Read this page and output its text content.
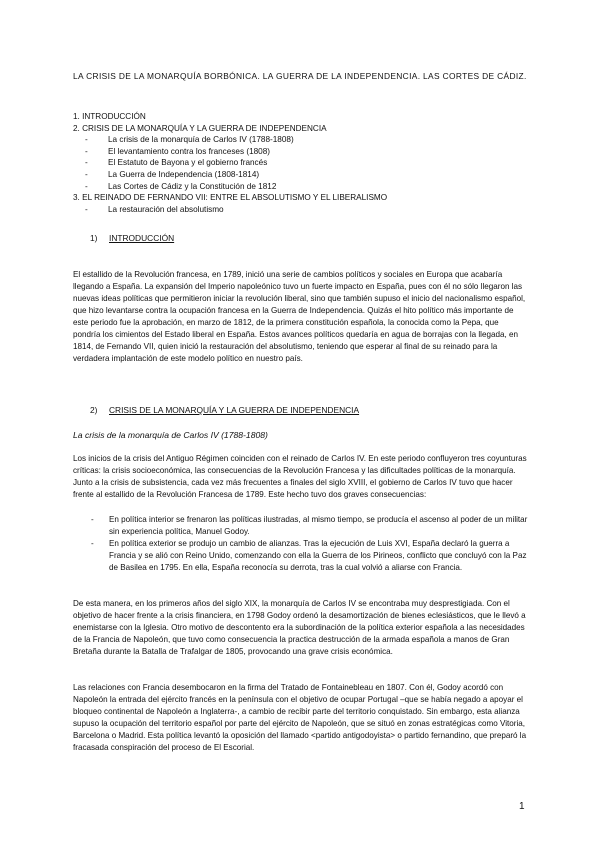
LA CRISIS DE LA MONARQUÍA BORBÓNICA. LA GUERRA DE LA INDEPENDENCIA. LAS CORTES DE CÁDIZ.
1. INTRODUCCIÓN
2. CRISIS DE LA MONARQUÍA Y LA GUERRA DE INDEPENDENCIA
- La crisis de la monarquía de Carlos IV (1788-1808)
- El levantamiento contra los franceses (1808)
- El Estatuto de Bayona y el gobierno francés
- La Guerra de Independencia (1808-1814)
- Las Cortes de Cádiz y la Constitución de 1812
3. EL REINADO DE FERNANDO VII: ENTRE EL ABSOLUTISMO Y EL LIBERALISMO
- La restauración del absolutismo
1) INTRODUCCIÓN

El estallido de la Revolución francesa, en 1789, inició una serie de cambios políticos y sociales en Europa que acabaría llegando a España. La expansión del Imperio napoleónico tuvo un fuerte impacto en España, pues con él no sólo llegaron las nuevas ideas políticas que permitieron iniciar la revolución liberal, sino que también supuso el inicio del nacionalismo español, que hizo levantarse contra la ocupación francesa en la Guerra de Independencia. Quizás el hito político más importante de este periodo fue la aprobación, en marzo de 1812, de la primera constitución española, la conocida como la Pepa, que pondría los cimientos del Estado liberal en España. Estos avances políticos quedaría en agua de borrajas con la llegada, en 1814, de Fernando VII, quien inició la restauración del absolutismo, teniendo que esperar al final de su reinado para la verdadera implantación de este modelo político en nuestro país.

2) CRISIS DE LA MONARQUÍA Y LA GUERRA DE INDEPENDENCIA
La crisis de la monarquía de Carlos IV (1788-1808)

Los inicios de la crisis del Antiguo Régimen coinciden con el reinado de Carlos IV. En este periodo confluyeron tres coyunturas críticas: la crisis socioeconómica, las consecuencias de la Revolución Francesa y las dificultades políticas de la monarquía. Junto a la crisis de subsistencia, cada vez más frecuentes a finales del siglo XVIII, el gobierno de Carlos IV tuvo que hacer frente al estallido de la Revolución Francesa de 1789. Este hecho tuvo dos graves consecuencias:

-	En política interior se frenaron las políticas ilustradas, al mismo tiempo, se producía el ascenso al poder de un militar sin experiencia política, Manuel Godoy.
-	En política exterior se produjo un cambio de alianzas. Tras la ejecución de Luis XVI, España declaró la guerra a Francia y se alió con Reino Unido, comenzando con ella la Guerra de los Pirineos, conflicto que concluyó con la Paz de Basilea en 1795. En ella, España reconocía su derrota, tras la cual volvió a aliarse con Francia.

De esta manera, en los primeros años del siglo XIX, la monarquía de Carlos IV se encontraba muy desprestigiada. Con el objetivo de hacer frente a la crisis financiera, en 1798 Godoy ordenó la desamortización de bienes eclesiásticos, que le llevó a enemistarse con la Iglesia. Otro motivo de descontento era la subordinación de la política exterior española a las necesidades de la Francia de Napoleón, que tuvo como consecuencia la practica destrucción de la armada española a manos de Gran Bretaña durante la Batalla de Trafalgar de 1805, provocando una grave crisis económica.

Las relaciones con Francia desembocaron en la firma del Tratado de Fontainebleau en 1807. Con él, Godoy acordó con Napoleón la entrada del ejército francés en la península con el objetivo de ocupar Portugal –que se había negado a apoyar el bloqueo continental de Napoleón a Inglaterra-, a cambio de recibir parte del territorio conquistado. Sin embargo, esta alianza supuso la ocupación del territorio español por parte del ejército de Napoleón, que se situó en zonas estratégicas como Vitoria, Barcelona o Madrid. Esta política levantó la oposición del llamado <partido antigodoyista> o partido fernandino, que preparó la fracasada conspiración del proceso de El Escorial.

1
